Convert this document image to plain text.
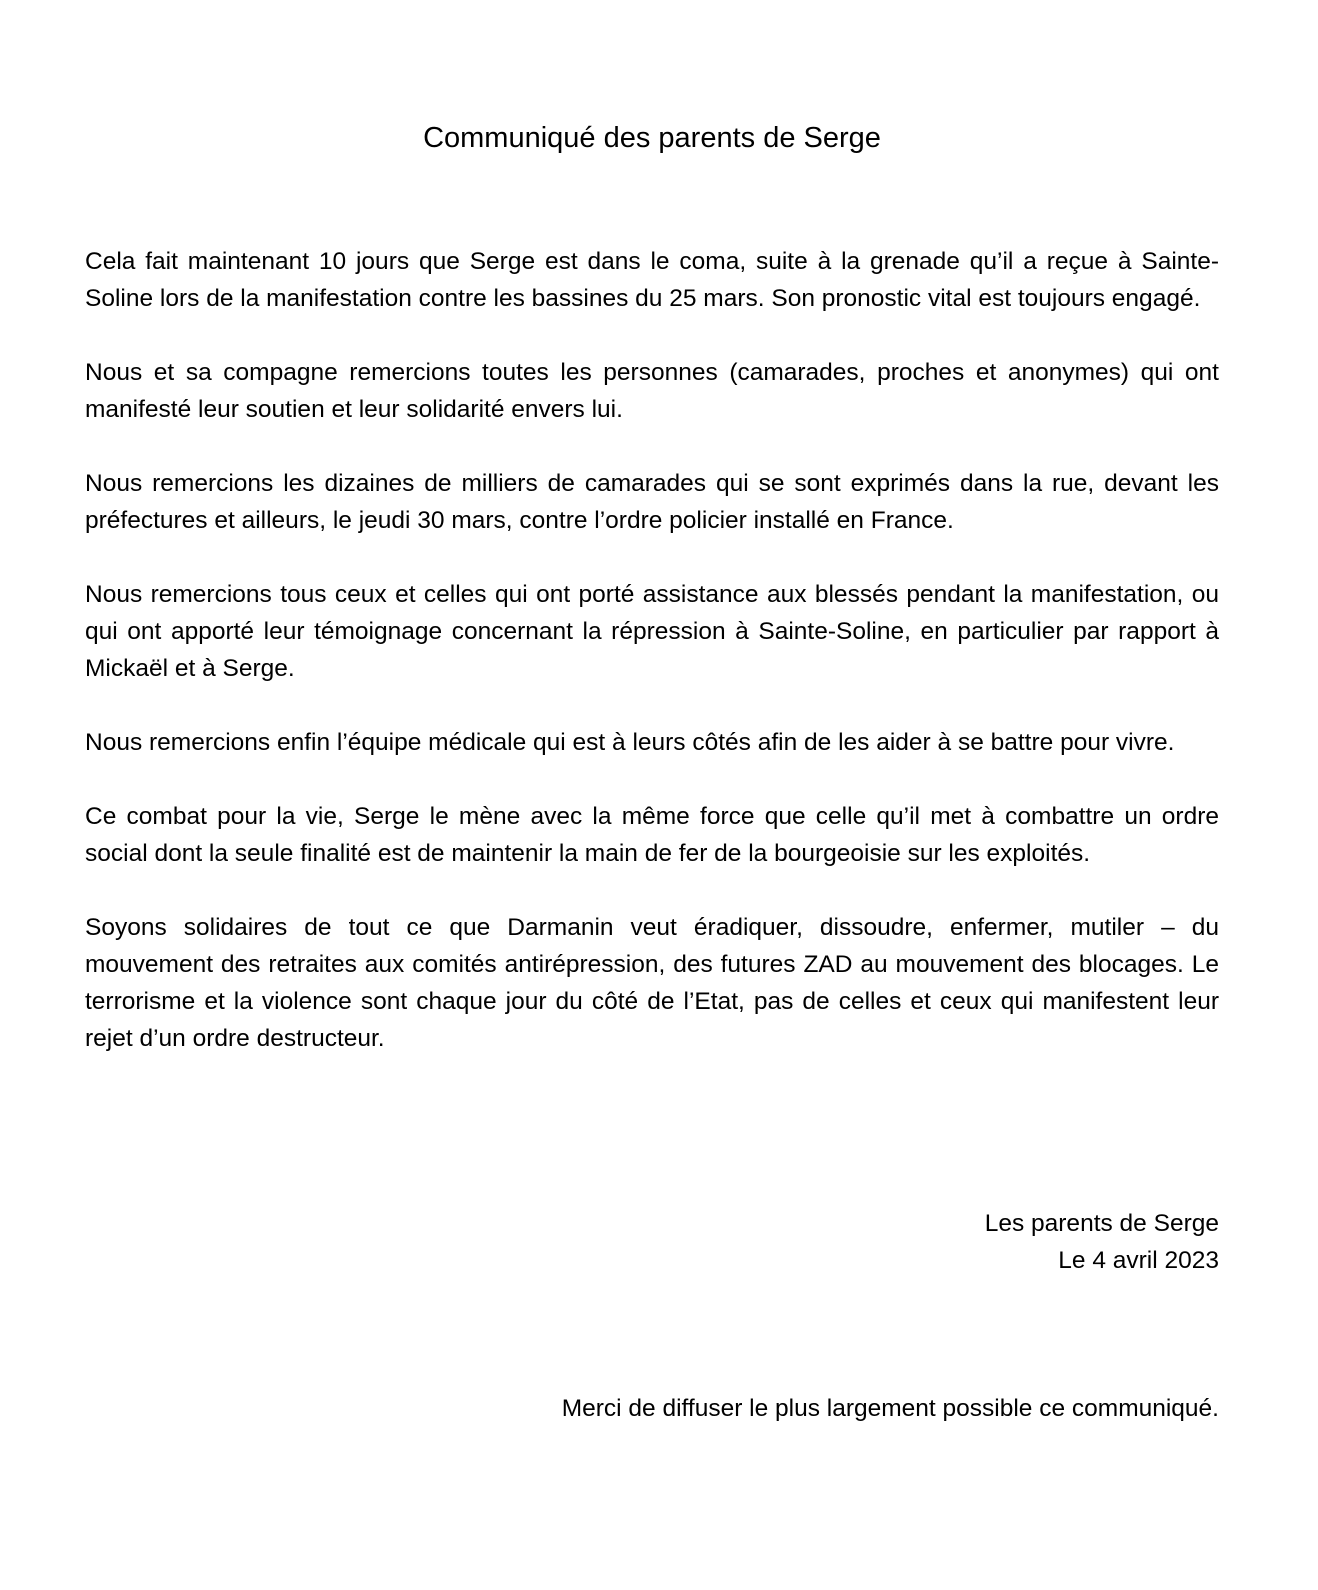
Communiqué des parents de Serge

Cela fait maintenant 10 jours que Serge est dans le coma, suite à la grenade qu’il a reçue à Sainte-Soline lors de la manifestation contre les bassines du 25 mars. Son pronostic vital est toujours engagé.

Nous et sa compagne remercions toutes les personnes (camarades, proches et anonymes) qui ont manifesté leur soutien et leur solidarité envers lui.

Nous remercions les dizaines de milliers de camarades qui se sont exprimés dans la rue, devant les préfectures et ailleurs, le jeudi 30 mars, contre l’ordre policier installé en France.

Nous remercions tous ceux et celles qui ont porté assistance aux blessés pendant la manifestation, ou qui ont apporté leur témoignage concernant la répression à Sainte-Soline, en particulier par rapport à Mickaël et à Serge.

Nous remercions enfin l’équipe médicale qui est à leurs côtés afin de les aider à se battre pour vivre.

Ce combat pour la vie, Serge le mène avec la même force que celle qu’il met à combattre un ordre social dont la seule finalité est de maintenir la main de fer de la bourgeoisie sur les exploités.

Soyons solidaires de tout ce que Darmanin veut éradiquer, dissoudre, enfermer, mutiler – du mouvement des retraites aux comités antirépression, des futures ZAD au mouvement des blocages. Le terrorisme et la violence sont chaque jour du côté de l’Etat, pas de celles et ceux qui manifestent leur rejet d’un ordre destructeur.

Les parents de Serge
Le 4 avril 2023
Merci de diffuser le plus largement possible ce communiqué.
